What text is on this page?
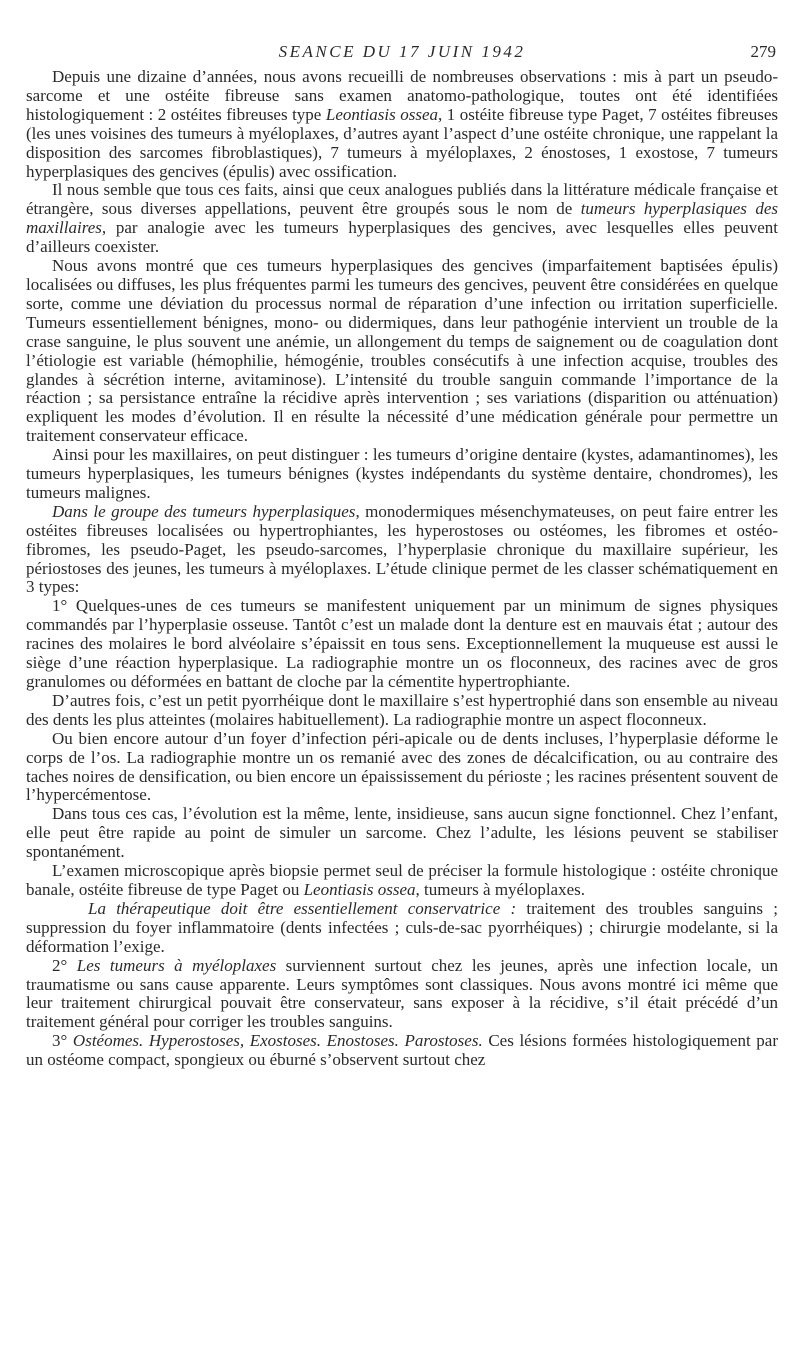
SEANCE DU 17 JUIN 1942	279

Depuis une dizaine d’années, nous avons recueilli de nombreuses observations : mis à part un pseudo-sarcome et une ostéite fibreuse sans examen anatomo-pathologique, toutes ont été identifiées histologiquement : 2 ostéites fibreuses type Leontiasis ossea, 1 ostéite fibreuse type Paget, 7 ostéites fibreuses (les unes voisines des tumeurs à myéloplaxes, d’autres ayant l’aspect d’une ostéite chronique, une rappelant la disposition des sarcomes fibroblastiques), 7 tumeurs à myéloplaxes, 2 énostoses, 1 exostose, 7 tumeurs hyperplasiques des gencives (épulis) avec ossification.

Il nous semble que tous ces faits, ainsi que ceux analogues publiés dans la littérature médicale française et étrangère, sous diverses appellations, peuvent être groupés sous le nom de tumeurs hyperplasiques des maxillaires, par analogie avec les tumeurs hyperplasiques des gencives, avec lesquelles elles peuvent d’ailleurs coexister.

Nous avons montré que ces tumeurs hyperplasiques des gencives (imparfaitement baptisées épulis) localisées ou diffuses, les plus fréquentes parmi les tumeurs des gencives, peuvent être considérées en quelque sorte, comme une déviation du processus normal de réparation d’une infection ou irritation superficielle. Tumeurs essentiellement bénignes, mono- ou didermiques, dans leur pathogénie intervient un trouble de la crase sanguine, le plus souvent une anémie, un allongement du temps de saignement ou de coagulation dont l’étiologie est variable (hémophilie, hémogénie, troubles consécutifs à une infection acquise, troubles des glandes à sécrétion interne, avitaminose). L’intensité du trouble sanguin commande l’importance de la réaction ; sa persistance entraîne la récidive après intervention ; ses variations (disparition ou atténuation) expliquent les modes d’évolution. Il en résulte la nécessité d’une médication générale pour permettre un traitement conservateur efficace.

Ainsi pour les maxillaires, on peut distinguer : les tumeurs d’origine dentaire (kystes, adamantinomes), les tumeurs hyperplasiques, les tumeurs bénignes (kystes indépendants du système dentaire, chondromes), les tumeurs malignes.

Dans le groupe des tumeurs hyperplasiques, monodermiques mésenchymateuses, on peut faire entrer les ostéites fibreuses localisées ou hypertrophiantes, les hyperostoses ou ostéomes, les fibromes et ostéo-fibromes, les pseudo-Paget, les pseudo-sarcomes, l’hyperplasie chronique du maxillaire supérieur, les périostoses des jeunes, les tumeurs à myéloplaxes. L’étude clinique permet de les classer schématiquement en 3 types:

1° Quelques-unes de ces tumeurs se manifestent uniquement par un minimum de signes physiques commandés par l’hyperplasie osseuse. Tantôt c’est un malade dont la denture est en mauvais état ; autour des racines des molaires le bord alvéolaire s’épaissit en tous sens. Exceptionnellement la muqueuse est aussi le siège d’une réaction hyperplasique. La radiographie montre un os floconneux, des racines avec de gros granulomes ou déformées en battant de cloche par la cémentite hypertrophiante.

D’autres fois, c’est un petit pyorrhéique dont le maxillaire s’est hypertrophié dans son ensemble au niveau des dents les plus atteintes (molaires habituellement). La radiographie montre un aspect floconneux.

Ou bien encore autour d’un foyer d’infection péri-apicale ou de dents incluses, l’hyperplasie déforme le corps de l’os. La radiographie montre un os remanié avec des zones de décalcification, ou au contraire des taches noires de densification, ou bien encore un épaississement du périoste ; les racines présentent souvent de l’hypercémentose.

Dans tous ces cas, l’évolution est la même, lente, insidieuse, sans aucun signe fonctionnel. Chez l’enfant, elle peut être rapide au point de simuler un sarcome. Chez l’adulte, les lésions peuvent se stabiliser spontanément.

L’examen microscopique après biopsie permet seul de préciser la formule histologique : ostéite chronique banale, ostéite fibreuse de type Paget ou Leontiasis ossea, tumeurs à myéloplaxes.

La thérapeutique doit être essentiellement conservatrice : traitement des troubles sanguins ; suppression du foyer inflammatoire (dents infectées ; culs-de-sac pyorrhéiques) ; chirurgie modelante, si la déformation l’exige.

2° Les tumeurs à myéloplaxes surviennent surtout chez les jeunes, après une infection locale, un traumatisme ou sans cause apparente. Leurs symptômes sont classiques. Nous avons montré ici même que leur traitement chirurgical pouvait être conservateur, sans exposer à la récidive, s’il était précédé d’un traitement général pour corriger les troubles sanguins.

3° Ostéomes. Hyperostoses, Exostoses. Enostoses. Parostoses. Ces lésions formées histologiquement par un ostéome compact, spongieux ou éburné s’observent surtout chez
